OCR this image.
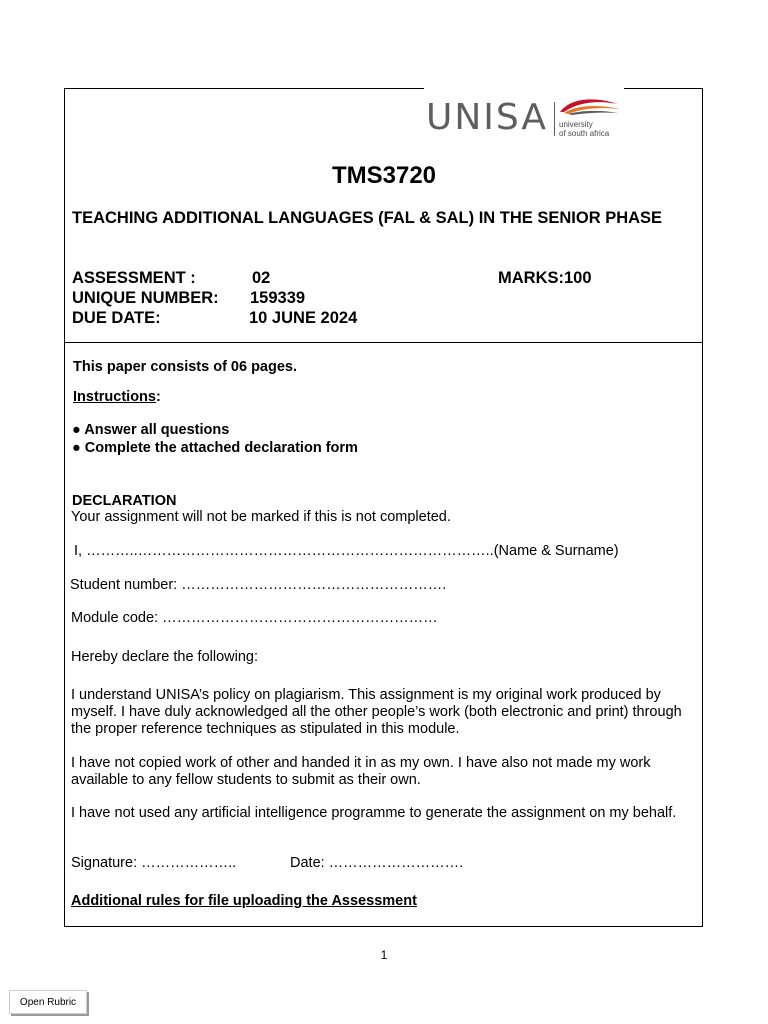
UNISA university
of south africa
TMS3720
TEACHING ADDITIONAL LANGUAGES (FAL & SAL) IN THE SENIOR PHASE
ASSESSMENT :	02	MARKS:100
UNIQUE NUMBER: 159339
DUE DATE:	10 JUNE 2024
This paper consists of 06 pages.
Instructions:
● Answer all questions
● Complete the attached declaration form
DECLARATION
Your assignment will not be marked if this is not completed.
I, ………..………………………………………………………………..(Name & Surname)
Student number: ……………………………………………….
Module code: …………………………………………………
Hereby declare the following:
I understand UNISA’s policy on plagiarism. This assignment is my original work produced by myself. I have duly acknowledged all the other people’s work (both electronic and print) through the proper reference techniques as stipulated in this module.
I have not copied work of other and handed it in as my own. I have also not made my work available to any fellow students to submit as their own.
I have not used any artificial intelligence programme to generate the assignment on my behalf.
Signature: ………………..	Date: ……………………….
Additional rules for file uploading the Assessment
1
Open Rubric
